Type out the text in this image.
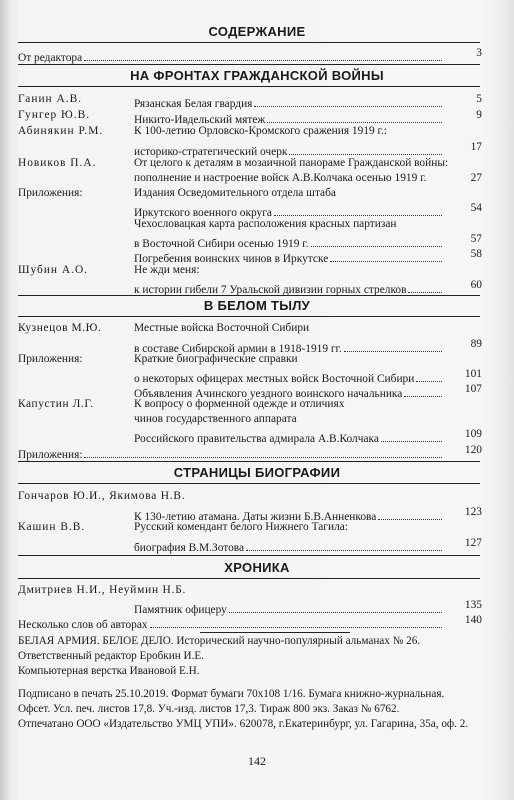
СОДЕРЖАНИЕ
От редактора	3
НА ФРОНТАХ ГРАЖДАНСКОЙ ВОЙНЫ
Ганин А.В.	Рязанская Белая гвардия	5
Гунгер Ю.В.	Никито-Ивдельский мятеж	9
Абинякин Р.М.	К 100-летию Орловско-Кромского сражения 1919 г.:
историко-стратегический очерк	17
Новиков П.А.	От целого к деталям в мозаичной панораме Гражданской войны:
пополнение и настроение войск А.В.Колчака осенью 1919 г.	27
Приложения:	Издания Осведомительного отдела штаба
Иркутского военного округа	54
Чехословацкая карта расположения красных партизан
в Восточной Сибири осенью 1919 г.	57
Погребения воинских чинов в Иркутске	58
Шубин А.О.	Не жди меня:
к истории гибели 7 Уральской дивизии горных стрелков	60
В БЕЛОМ ТЫЛУ
Кузнецов М.Ю.	Местные войска Восточной Сибири
в составе Сибирской армии в 1918-1919 гг.	89
Приложения:	Краткие биографические справки
о некоторых офицерах местных войск Восточной Сибири	101
Объявления Ачинского уездного воинского начальника	107
Капустин Л.Г.	К вопросу о форменной одежде и отличиях
чинов государственного аппарата
Российского правительства адмирала А.В.Колчака	109
Приложения:	120
СТРАНИЦЫ БИОГРАФИИ
Гончаров Ю.И., Якимова Н.В.
К 130-летию атамана. Даты жизни Б.В.Анненкова	123
Кашин В.В.	Русский комендант белого Нижнего Тагила:
биография В.М.Зотова	127
ХРОНИКА
Дмитриев Н.И., Неуймин Н.Б.
Памятник офицеру	135
Несколько слов об авторах	140
БЕЛАЯ АРМИЯ. БЕЛОЕ ДЕЛО. Исторический научно-популярный альманах № 26.
Ответственный редактор Еробкин И.Е.
Компьютерная верстка Ивановой Е.Н.
Подписано в печать 25.10.2019. Формат бумаги 70x108 1/16. Бумага книжно-журнальная.
Офсет. Усл. печ. листов 17,8. Уч.-изд. листов 17,3. Тираж 800 экз. Заказ № 6762.
Отпечатано ООО «Издательство УМЦ УПИ». 620078, г.Екатеринбург, ул. Гагарина, 35а, оф. 2.
142
